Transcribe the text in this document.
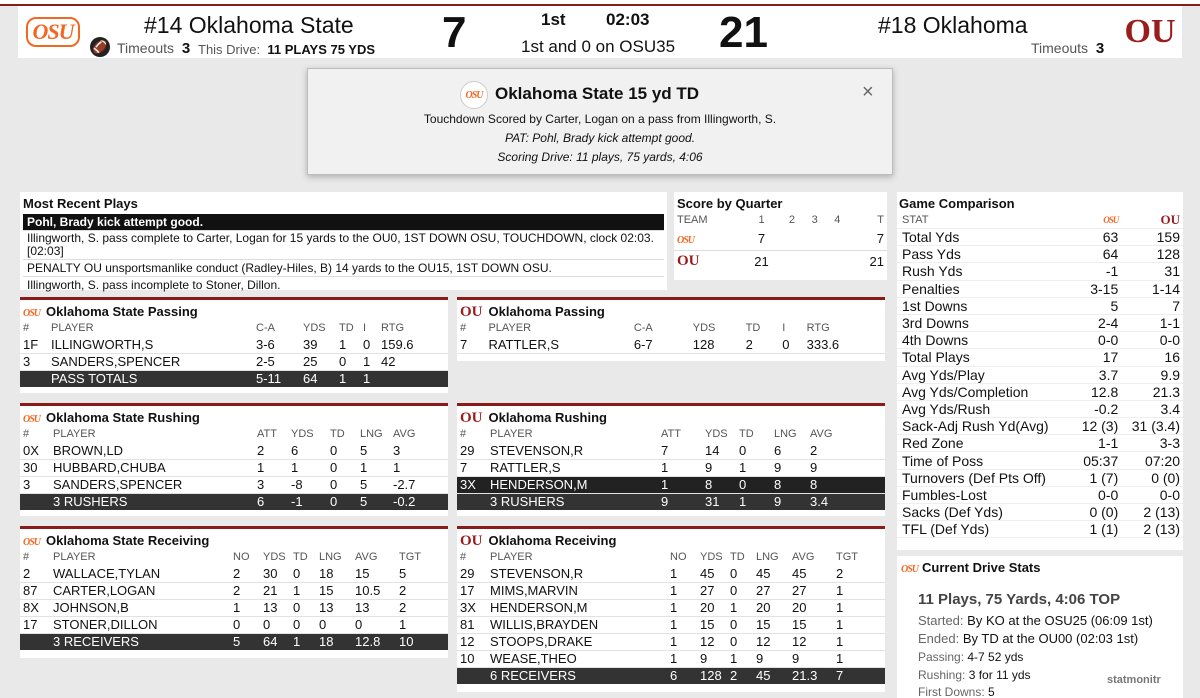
OSU	#14 Oklahoma State
🏈 Timeouts 3 This Drive: 11 PLAYS 75 YDS 7	1st 02:03
1st and 0 on OSU35 21	#18 Oklahoma
Timeouts 3 OU
OSU Oklahoma State 15 yd TD	×
Touchdown Scored by Carter, Logan on a pass from Illingworth, S.
PAT: Pohl, Brady kick attempt good.
Scoring Drive: 11 plays, 75 yards, 4:06
Most Recent Plays
Pohl, Brady kick attempt good.
Illingworth, S. pass complete to Carter, Logan for 15 yards to the OU0, 1ST DOWN OSU, TOUCHDOWN, clock 02:03. [02:03]
PENALTY OU unsportsmanlike conduct (Radley-Hiles, B) 14 yards to the OU15, 1ST DOWN OSU.
Illingworth, S. pass incomplete to Stoner, Dillon.
Score by Quarter
TEAM	1	2	3	4	T
OSU	7				7
OU	21				21
OSU Oklahoma State Passing
#	PLAYER	C-A	YDS	TD	I	RTG
1F	ILLINGWORTH,S	3-6	39	1	0	159.6
3	SANDERS,SPENCER	2-5	25	0	1	42
	PASS TOTALS	5-11	64	1	1	
OU Oklahoma Passing
#	PLAYER	C-A	YDS	TD	I	RTG
7	RATTLER,S	6-7	128	2	0	333.6
OSU Oklahoma State Rushing
#	PLAYER	ATT	YDS	TD	LNG	AVG
0X	BROWN,LD	2	6	0	5	3
30	HUBBARD,CHUBA	1	1	0	1	1
3	SANDERS,SPENCER	3	-8	0	5	-2.7
	3 RUSHERS	6	-1	0	5	-0.2
OU Oklahoma Rushing
#	PLAYER	ATT	YDS	TD	LNG	AVG
29	STEVENSON,R	7	14	0	6	2
7	RATTLER,S	1	9	1	9	9
3X	HENDERSON,M	1	8	0	8	8
	3 RUSHERS	9	31	1	9	3.4
OSU Oklahoma State Receiving
#	PLAYER	NO	YDS	TD	LNG	AVG	TGT
2	WALLACE,TYLAN	2	30	0	18	15	5
87	CARTER,LOGAN	2	21	1	15	10.5	2
8X	JOHNSON,B	1	13	0	13	13	2
17	STONER,DILLON	0	0	0	0	0	1
	3 RECEIVERS	5	64	1	18	12.8	10
OU Oklahoma Receiving
#	PLAYER	NO	YDS	TD	LNG	AVG	TGT
29	STEVENSON,R	1	45	0	45	45	2
17	MIMS,MARVIN	1	27	0	27	27	1
3X	HENDERSON,M	1	20	1	20	20	1
81	WILLIS,BRAYDEN	1	15	0	15	15	1
12	STOOPS,DRAKE	1	12	0	12	12	1
10	WEASE,THEO	1	9	1	9	9	1
	6 RECEIVERS	6	128	2	45	21.3	7
Game Comparison
STAT	OSU	OU
Total Yds	63	159
Pass Yds	64	128
Rush Yds	-1	31
Penalties	3-15	1-14
1st Downs	5	7
3rd Downs	2-4	1-1
4th Downs	0-0	0-0
Total Plays	17	16
Avg Yds/Play	3.7	9.9
Avg Yds/Completion	12.8	21.3
Avg Yds/Rush	-0.2	3.4
Sack-Adj Rush Yd(Avg)	12 (3)	31 (3.4)
Red Zone	1-1	3-3
Time of Poss	05:37	07:20
Turnovers (Def Pts Off)	1 (7)	0 (0)
Fumbles-Lost	0-0	0-0
Sacks (Def Yds)	0 (0)	2 (13)
TFL (Def Yds)	1 (1)	2 (13)
OSU Current Drive Stats
11 Plays, 75 Yards, 4:06 TOP
Started: By KO at the OSU25 (06:09 1st)
Ended: By TD at the OU00 (02:03 1st)
Passing: 4-7 52 yds
Rushing: 3 for 11 yds
First Downs: 5
statmonitr
